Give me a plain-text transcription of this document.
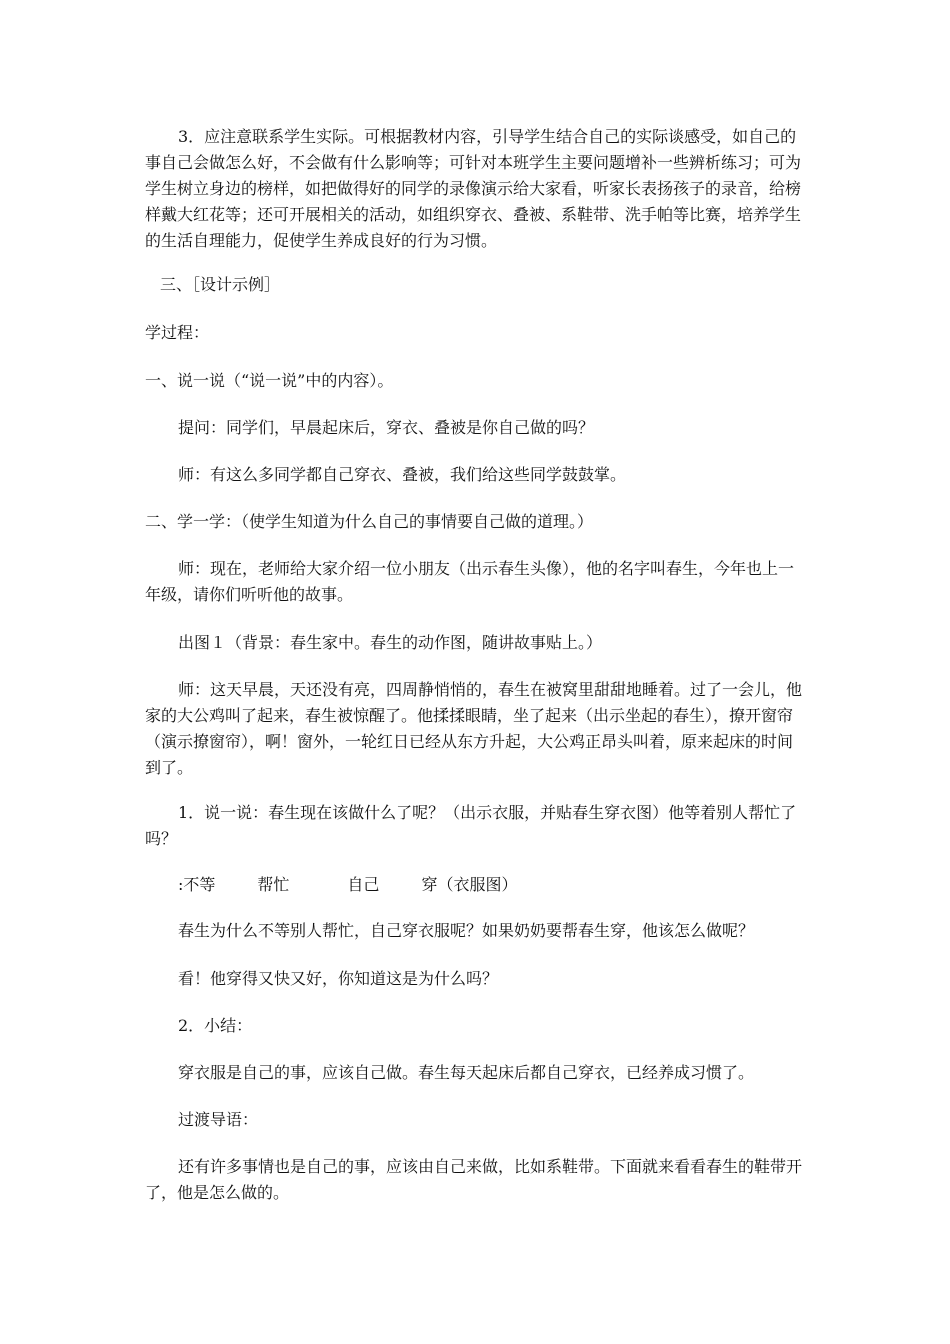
3．应注意联系学生实际。可根据教材内容，引导学生结合自己的实际谈感受，如自己的事自己会做怎么好，不会做有什么影响等；可针对本班学生主要问题增补一些辨析练习；可为学生树立身边的榜样，如把做得好的同学的录像演示给大家看，听家长表扬孩子的录音，给榜样戴大红花等；还可开展相关的活动，如组织穿衣、叠被、系鞋带、洗手帕等比赛，培养学生的生活自理能力，促使学生养成良好的行为习惯。

三、［设计示例］
学过程：
一、说一说（“说一说”中的内容）。
提问：同学们，早晨起床后，穿衣、叠被是你自己做的吗？
师：有这么多同学都自己穿衣、叠被，我们给这些同学鼓鼓掌。
二、学一学：（使学生知道为什么自己的事情要自己做的道理。）

师：现在，老师给大家介绍一位小朋友（出示春生头像），他的名字叫春生，今年也上一年级，请你们听听他的故事。

出图１（背景：春生家中。春生的动作图，随讲故事贴上。）

师：这天早晨，天还没有亮，四周静悄悄的，春生在被窝里甜甜地睡着。过了一会儿，他家的大公鸡叫了起来，春生被惊醒了。他揉揉眼睛，坐了起来（出示坐起的春生），撩开窗帘（演示撩窗帘），啊！窗外，一轮红日已经从东方升起，大公鸡正昂头叫着，原来起床的时间到了。

1．说一说：春生现在该做什么了呢？（出示衣服，并贴春生穿衣图）他等着别人帮忙了吗？

:不等	帮忙	自己	穿（衣服图）
春生为什么不等别人帮忙，自己穿衣服呢？如果奶奶要帮春生穿，他该怎么做呢？
看！他穿得又快又好，你知道这是为什么吗？
2．小结：
穿衣服是自己的事，应该自己做。春生每天起床后都自己穿衣，已经养成习惯了。
过渡导语：

还有许多事情也是自己的事，应该由自己来做，比如系鞋带。下面就来看看春生的鞋带开了，他是怎么做的。
